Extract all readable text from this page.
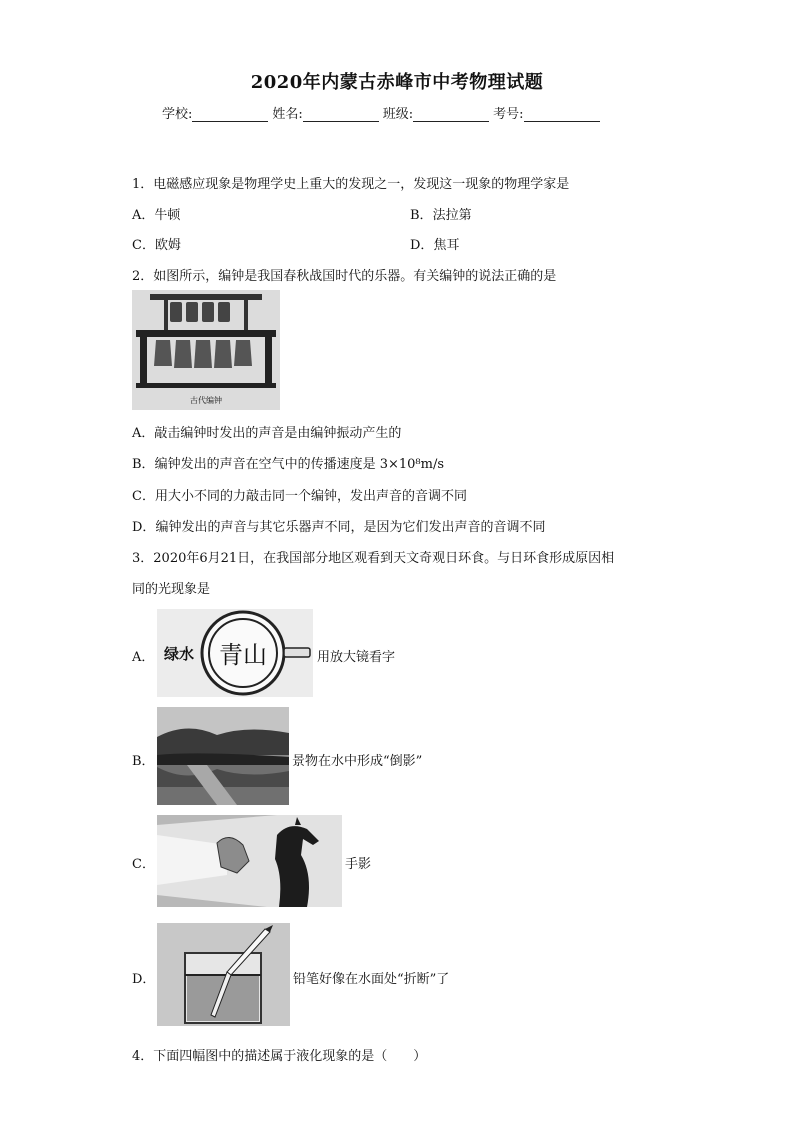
2020年内蒙古赤峰市中考物理试题
学校:	姓名:	班级:	考号:
1．电磁感应现象是物理学史上重大的发现之一，发现这一现象的物理学家是
A．牛顿	B．法拉第
C．欧姆	D．焦耳
2．如图所示，编钟是我国春秋战国时代的乐器。有关编钟的说法正确的是
古代编钟
A．敲击编钟时发出的声音是由编钟振动产生的
B．编钟发出的声音在空气中的传播速度是 3×10⁸m/s
C．用大小不同的力敲击同一个编钟，发出声音的音调不同
D．编钟发出的声音与其它乐器声不同，是因为它们发出声音的音调不同
3．2020年6月21日，在我国部分地区观看到天文奇观日环食。与日环食形成原因相
同的光现象是
A． 绿水 青山	用放大镜看字
B．	景物在水中形成“倒影”
C．	手影
D．	铅笔好像在水面处“折断”了
4．下面四幅图中的描述属于液化现象的是（　　）
